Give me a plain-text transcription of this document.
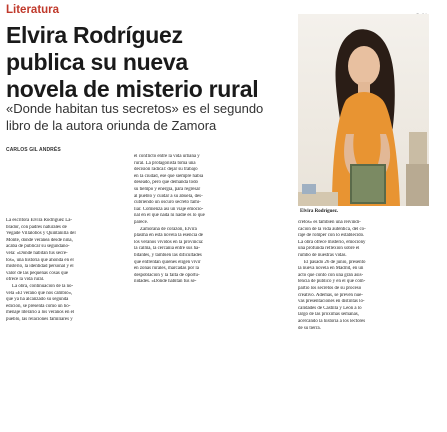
Literatura
Elvira Rodríguez
publica su nueva
novela de misterio rural
«Donde habitan tus secretos» es el segundo
libro de la autora oriunda de Zamora
CARLOS GIL ANDRÉS
La escritora Elvira Rodríguez La-
brador, con padres naturales de
Vegade Villalobos y Quintanilla del
Monte, donde veranea desde niña,
acaba de publicar su segundano-
vela: «Donde habitan tus secre-
tos», una historia que ahonda en el
misterio, la identidad personal y el
valor de las pequeñas cosas que
ofrece la vida rural.
La obra, continuación de la no-
vela «El verano que nos cambió»,
que ya ha alcanzado su segunda
edición, se presenta como un ho-
menaje literario a los veranos en el
pueblo, las relaciones familiares y
el conflicto entre la vida urbana y
rural. La protagonista toma una
decisión radical: dejar su trabajo
en la ciudad, ese que siempre había
deseado, pero que demanda todo
su tiempo y energía, para regresar
al pueblo y cuidar a su abuela, des-
cubriendo un oscuro secreto fami-
liar. Comienza así un viaje emocio-
nal en el que nada ni nadie es lo que
parece.
Zamorana de corazón, Elvira
plasma en esta novela la esencia de
los veranos vividos en la provincia:
la calma, la cercanía entre sus ha-
bitantes, y también las dificultades
que enfrentan quienes eligen vivir
en zonas rurales, marcadas por la
despoblación y la falta de oportu-
nidades. «Donde habitan tus se-
Elvira Rodríguez.
cretos» es también una reivindi-
cación de la vida auténtica, del co-
raje de romper con lo establecido.
La obra ofrece misterio, emociony
una profunda reflexión sobre el
rumbo de nuestras vidas.
El pasado 26 de junio, presentó
la nueva novela en Madrid, en un
acto que contó con una gran asis-
tencia de público y en el que com-
partió los secretos de su proceso
creativo. Además, se prevén nue-
vas presentaciones en distintas lo-
calidades de Castilla y León a lo
largo de las próximas semanas,
acercando la historia a los lectores
de su tierra.
